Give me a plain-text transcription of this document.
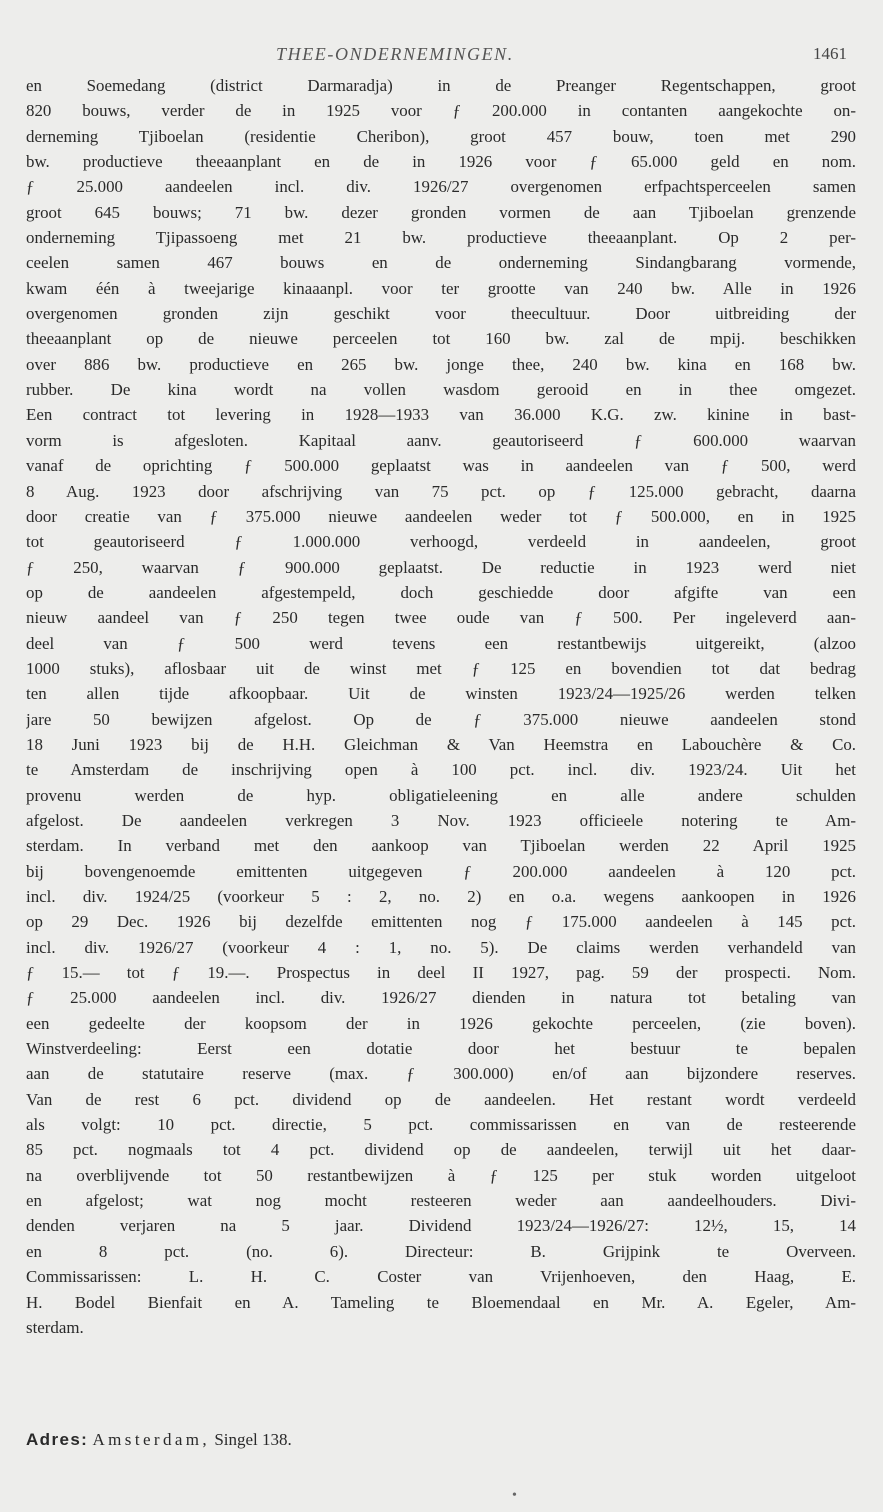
THEE-ONDERNEMINGEN.	1461
en Soemedang (district Darmaradja) in de Preanger Regentschappen, groot
820 bouws, verder de in 1925 voor ƒ 200.000 in contanten aangekochte on-
derneming Tjiboelan (residentie Cheribon), groot 457 bouw, toen met 290
bw. productieve theeaanplant en de in 1926 voor ƒ 65.000 geld en nom.
ƒ 25.000 aandeelen incl. div. 1926/27 overgenomen erfpachtsperceelen samen
groot 645 bouws; 71 bw. dezer gronden vormen de aan Tjiboelan grenzende
onderneming Tjipassoeng met 21 bw. productieve theeaanplant. Op 2 per-
ceelen samen 467 bouws en de onderneming Sindangbarang vormende,
kwam één à tweejarige kinaaanpl. voor ter grootte van 240 bw. Alle in 1926
overgenomen gronden zijn geschikt voor theecultuur. Door uitbreiding der
theeaanplant op de nieuwe perceelen tot 160 bw. zal de mpij. beschikken
over 886 bw. productieve en 265 bw. jonge thee, 240 bw. kina en 168 bw.
rubber. De kina wordt na vollen wasdom gerooid en in thee omgezet.
Een contract tot levering in 1928—1933 van 36.000 K.G. zw. kinine in bast-
vorm is afgesloten. Kapitaal aanv. geautoriseerd ƒ 600.000 waarvan
vanaf de oprichting ƒ 500.000 geplaatst was in aandeelen van ƒ 500, werd
8 Aug. 1923 door afschrijving van 75 pct. op ƒ 125.000 gebracht, daarna
door creatie van ƒ 375.000 nieuwe aandeelen weder tot ƒ 500.000, en in 1925
tot geautoriseerd ƒ 1.000.000 verhoogd, verdeeld in aandeelen, groot
ƒ 250, waarvan ƒ 900.000 geplaatst. De reductie in 1923 werd niet
op de aandeelen afgestempeld, doch geschiedde door afgifte van een
nieuw aandeel van ƒ 250 tegen twee oude van ƒ 500. Per ingeleverd aan-
deel van ƒ 500 werd tevens een restantbewijs uitgereikt, (alzoo
1000 stuks), aflosbaar uit de winst met ƒ 125 en bovendien tot dat bedrag
ten allen tijde afkoopbaar. Uit de winsten 1923/24—1925/26 werden telken
jare 50 bewijzen afgelost. Op de ƒ 375.000 nieuwe aandeelen stond
18 Juni 1923 bij de H.H. Gleichman & Van Heemstra en Labouchère & Co.
te Amsterdam de inschrijving open à 100 pct. incl. div. 1923/24. Uit het
provenu werden de hyp. obligatieleening en alle andere schulden
afgelost. De aandeelen verkregen 3 Nov. 1923 officieele notering te Am-
sterdam. In verband met den aankoop van Tjiboelan werden 22 April 1925
bij bovengenoemde emittenten uitgegeven ƒ 200.000 aandeelen à 120 pct.
incl. div. 1924/25 (voorkeur 5 : 2, no. 2) en o.a. wegens aankoopen in 1926
op 29 Dec. 1926 bij dezelfde emittenten nog ƒ 175.000 aandeelen à 145 pct.
incl. div. 1926/27 (voorkeur 4 : 1, no. 5). De claims werden verhandeld van
ƒ 15.— tot ƒ 19.—. Prospectus in deel II 1927, pag. 59 der prospecti. Nom.
ƒ 25.000 aandeelen incl. div. 1926/27 dienden in natura tot betaling van
een gedeelte der koopsom der in 1926 gekochte perceelen, (zie boven).
Winstverdeeling: Eerst een dotatie door het bestuur te bepalen
aan de statutaire reserve (max. ƒ 300.000) en/of aan bijzondere reserves.
Van de rest 6 pct. dividend op de aandeelen. Het restant wordt verdeeld
als volgt: 10 pct. directie, 5 pct. commissarissen en van de resteerende
85 pct. nogmaals tot 4 pct. dividend op de aandeelen, terwijl uit het daar-
na overblijvende tot 50 restantbewijzen à ƒ 125 per stuk worden uitgeloot
en afgelost; wat nog mocht resteeren weder aan aandeelhouders. Divi-
denden verjaren na 5 jaar. Dividend 1923/24—1926/27: 12½, 15, 14
en 8 pct. (no. 6). Directeur: B. Grijpink te Overveen.
Commissarissen: L. H. C. Coster van Vrijenhoeven, den Haag, E.
H. Bodel Bienfait en A. Tameling te Bloemendaal en Mr. A. Egeler, Am-
sterdam.
Adres: Amsterdam, Singel 138.
•
